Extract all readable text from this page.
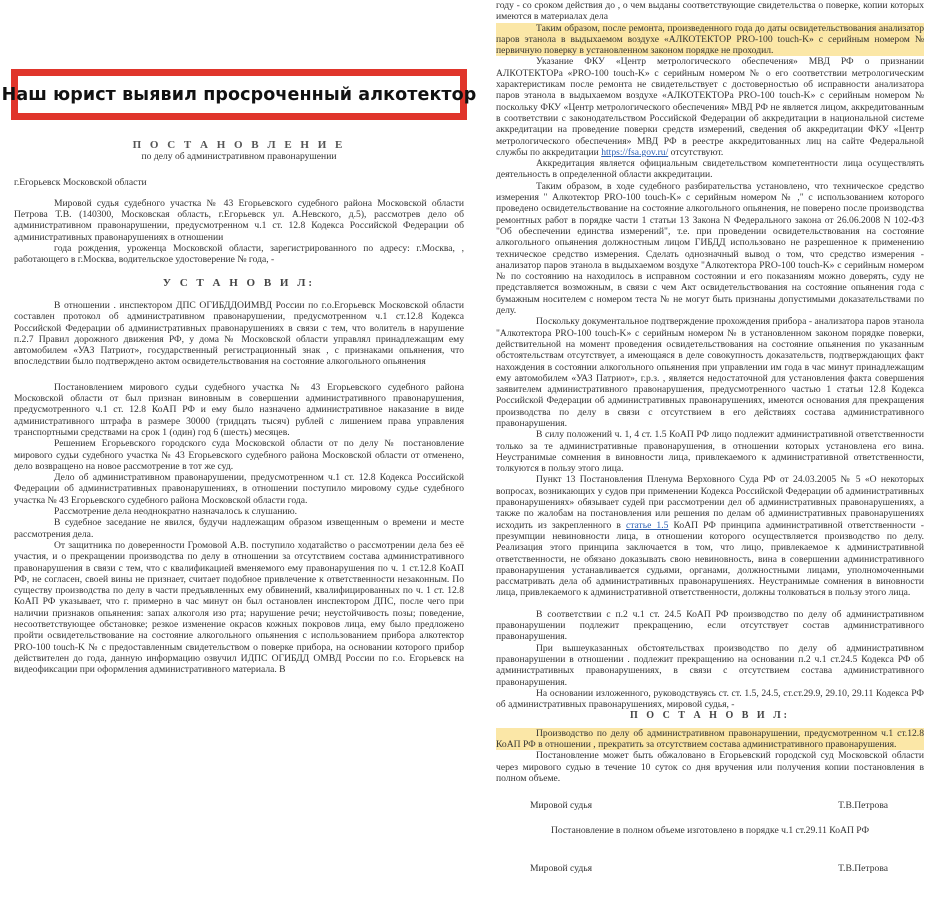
Наш юрист выявил просроченный алкотектор
П О С Т А Н О В Л Е Н И Е
по делу об административном правонарушении

г.Егорьевск Московской области

Мировой судья судебного участка № 43 Егорьевского судебного района Московской области Петрова Т.В. (140300, Московская область, г.Егорьевск ул. А.Невского, д.5), рассмотрев дело об административном правонарушении, предусмотренном ч.1 ст. 12.8 Кодекса Российской Федерации об административных правонарушениях в отношении

года рождения, уроженца Московской области, зарегистрированного по адресу: г.Москва, , работающего в г.Москва, водительское удостоверение № года, -

У С Т А Н О В И Л:

В отношении . инспектором ДПС ОГИБДДОИМВД России по г.о.Егорьевск Московской области составлен протокол об административном правонарушении, предусмотренном ч.1 ст.12.8 Кодекса Российской Федерации об административных правонарушениях в связи с тем, что волитель в нарушение п.2.7 Правил дорожного движения РФ, у дома № Московской области управлял принадлежащим ему автомобилем «УАЗ Патриот», государственный регистрационный знак , с признаками опьянения, что впоследствии было подтверждено актом освидетельствования на состояние алкогольного опьянения

Постановлением мирового судьи судебного участка № 43 Егорьевского судебного района Московской области от был признан виновным в совершении административного правонарушения, предусмотренного ч.1 ст. 12.8 КоАП РФ и ему было назначено административное наказание в виде административного штрафа в размере 30000 (тридцать тысяч) рублей с лишением права управления транспортными средствами на срок 1 (один) год 6 (шесть) месяцев.

Решением Егорьевского городского суда Московской области от по делу № постановление мирового судьи судебного участка № 43 Егорьевского судебного района Московской области от отменено, дело возвращено на новое рассмотрение в тот же суд.

Дело об административном правонарушении, предусмотренном ч.1 ст. 12.8 Кодекса Российской Федерации об административных правонарушениях, в отношении поступило мировому судье судебного участка № 43 Егорьевского судебного района Московской области года.

Рассмотрение дела неоднократно назначалось к слушанию.

В судебное заседание не явился, будучи надлежащим образом извещенным о времени и месте рассмотрения дела.

От защитника по доверенности Громовой А.В. поступило ходатайство о рассмотрении дела без её участия, и о прекращении производства по делу в отношении за отсутствием состава административного правонарушения в связи с тем, что с квалификацией вменяемого ему правонарушения по ч. 1 ст.12.8 КоАП РФ, не согласен, своей вины не признает, считает подобное привлечение к ответственности незаконным. По существу производства по делу в части предъявленных ему обвинений, квалифицированных по ч. 1 ст. 12.8 КоАП РФ указывает, что г. примерно в час минут он был остановлен инспектором ДПС, после чего при наличии признаков опьянения: запах алкоголя изо рта; нарушение речи; неустойчивость позы; поведение, несоответствующее обстановке; резкое изменение окрасов кожных покровов лица, ему было предложено пройти освидетельствование на состояние алкогольного опьянения с использованием прибора алкотектор PRO-100 touch-K № с предоставленным свидетельством о поверке прибора, на основании которого прибор действителен до года, данную информацию озвучил ИДПС ОГИБДД ОМВД России по г.о. Егорьевск на видеофиксации при оформления административного материала. В

году - со сроком действия до , о чем выданы соответствующие свидетельства о поверке, копии которых имеются в материалах дела

Таким образом, после ремонта, произведенного года до даты освидетельствования анализатор паров этанола в выдыхаемом воздухе «АЛКОТЕКТОР PRO-100 touch-K» с серийным номером № первичную поверку в установленном законом порядке не проходил.

Указание ФКУ «Центр метрологического обеспечения» МВД РФ о признании АЛКОТЕКТОРа «PRO-100 touch-K» с серийным номером № о его соответствии метрологическим характеристикам после ремонта не свидетельствует с достоверностью об исправности анализатора паров этанола в выдыхаемом воздухе «АЛКОТЕКТОРа PRO-100 touch-K» с серийным номером № поскольку ФКУ «Центр метрологического обеспечения» МВД РФ не является лицом, аккредитованным в соответствии с законодательством Российской Федерации об аккредитации в национальной системе аккредитации на проведение поверки средств измерений, сведения об аккредитации ФКУ «Центр метрологического обеспечения» МВД РФ в реестре аккредитованных лиц на сайте Федеральной службы по аккредитации https://fsa.gov.ru/ отсутствуют.

Аккредитация является официальным свидетельством компетентности лица осуществлять деятельность в определенной области аккредитации.

Таким образом, в ходе судебного разбирательства установлено, что техническое средство измерения " Алкотектор PRO-100 touch-K» с серийным номером № ," с использованием которого проведено освидетельствование на состояние алкогольного опьянения, не поверено после производства ремонтных работ в порядке части 1 статьи 13 Закона N Федерального закона от 26.06.2008 N 102-ФЗ "Об обеспечении единства измерений", т.е. при проведении освидетельствования на состояние алкогольного опьянения должностным лицом ГИБДД использовано не разрешенное к применению техническое средство измерения. Сделать однозначный вывод о том, что средство измерения - анализатор паров этанола в выдыхаемом воздухе "Алкотектора PRO-100 touch-K» с серийным номером № по состоянию на находилось в исправном состоянии и его показаниям можно доверять, суду не представляется возможным, в связи с чем Акт освидетельствования на состояние опьянения года с бумажным носителем с номером теста № не могут быть признаны допустимыми доказательствами по делу.

Поскольку документальное подтверждение прохождения прибора - анализатора паров этанола "Алкотектора PRO-100 touch-K» с серийным номером № в установленном законом порядке поверки, действительной на момент проведения освидетельствования на состояние опьянения по указанным обстоятельствам отсутствует, а имеющаяся в деле совокупность доказательств, подтверждающих факт нахождения в состоянии алкогольного опьянения при управлении им года в час минут принадлежащим ему автомобилем «УАЗ Патриот», г.р.з. , является недостаточной для установления факта совершения заявителем административного правонарушения, предусмотренного частью 1 статьи 12.8 Кодекса Российской Федерации об административных правонарушениях, имеются основания для прекращения производства по делу в связи с отсутствием в его действиях состава административного правонарушения.

В силу положений ч. 1, 4 ст. 1.5 КоАП РФ лицо подлежит административной ответственности только за те административные правонарушения, в отношении которых установлена его вина. Неустранимые сомнения в виновности лица, привлекаемого к административной ответственности, толкуются в пользу этого лица.

Пункт 13 Постановления Пленума Верховного Суда РФ от 24.03.2005 № 5 «О некоторых вопросах, возникающих у судов при применении Кодекса Российской Федерации об административных правонарушениях» обязывает судей при рассмотрении дел об административных правонарушениях, а также по жалобам на постановления или решения по делам об административных правонарушениях исходить из закрепленного в статье 1.5 КоАП РФ принципа административной ответственности - презумпции невиновности лица, в отношении которого осуществляется производство по делу. Реализация этого принципа заключается в том, что лицо, привлекаемое к административной ответственности, не обязано доказывать свою невиновность, вина в совершении административного правонарушения устанавливается судьями, органами, должностными лицами, уполномоченными рассматривать дела об административных правонарушениях. Неустранимые сомнения в виновности лица, привлекаемого к административной ответственности, должны толковаться в пользу этого лица.

В соответствии с п.2 ч.1 ст. 24.5 КоАП РФ производство по делу об административном правонарушении подлежит прекращению, если отсутствует состав административного правонарушения.

При вышеуказанных обстоятельствах производство по делу об административном правонарушении в отношении . подлежит прекращению на основании п.2 ч.1 ст.24.5 Кодекса РФ об административных правонарушениях, в связи с отсутствием состава административного правонарушения.

На основании изложенного, руководствуясь ст. ст. 1.5, 24.5, ст.ст.29.9, 29.10, 29.11 Кодекса РФ об административных правонарушениях, мировой судья, -

П О С Т А Н О В И Л:

Производство по делу об административном правонарушении, предусмотренном ч.1 ст.12.8 КоАП РФ в отношении , прекратить за отсутствием состава административного правонарушения.

Постановление может быть обжаловано в Егорьевский городской суд Московской области через мирового судью в течение 10 суток со дня вручения или получения копии постановления в полном объеме.

Мировой судья	Т.В.Петрова
Постановление в полном объеме изготовлено в порядке ч.1 ст.29.11 КоАП РФ
Мировой судья	Т.В.Петрова
